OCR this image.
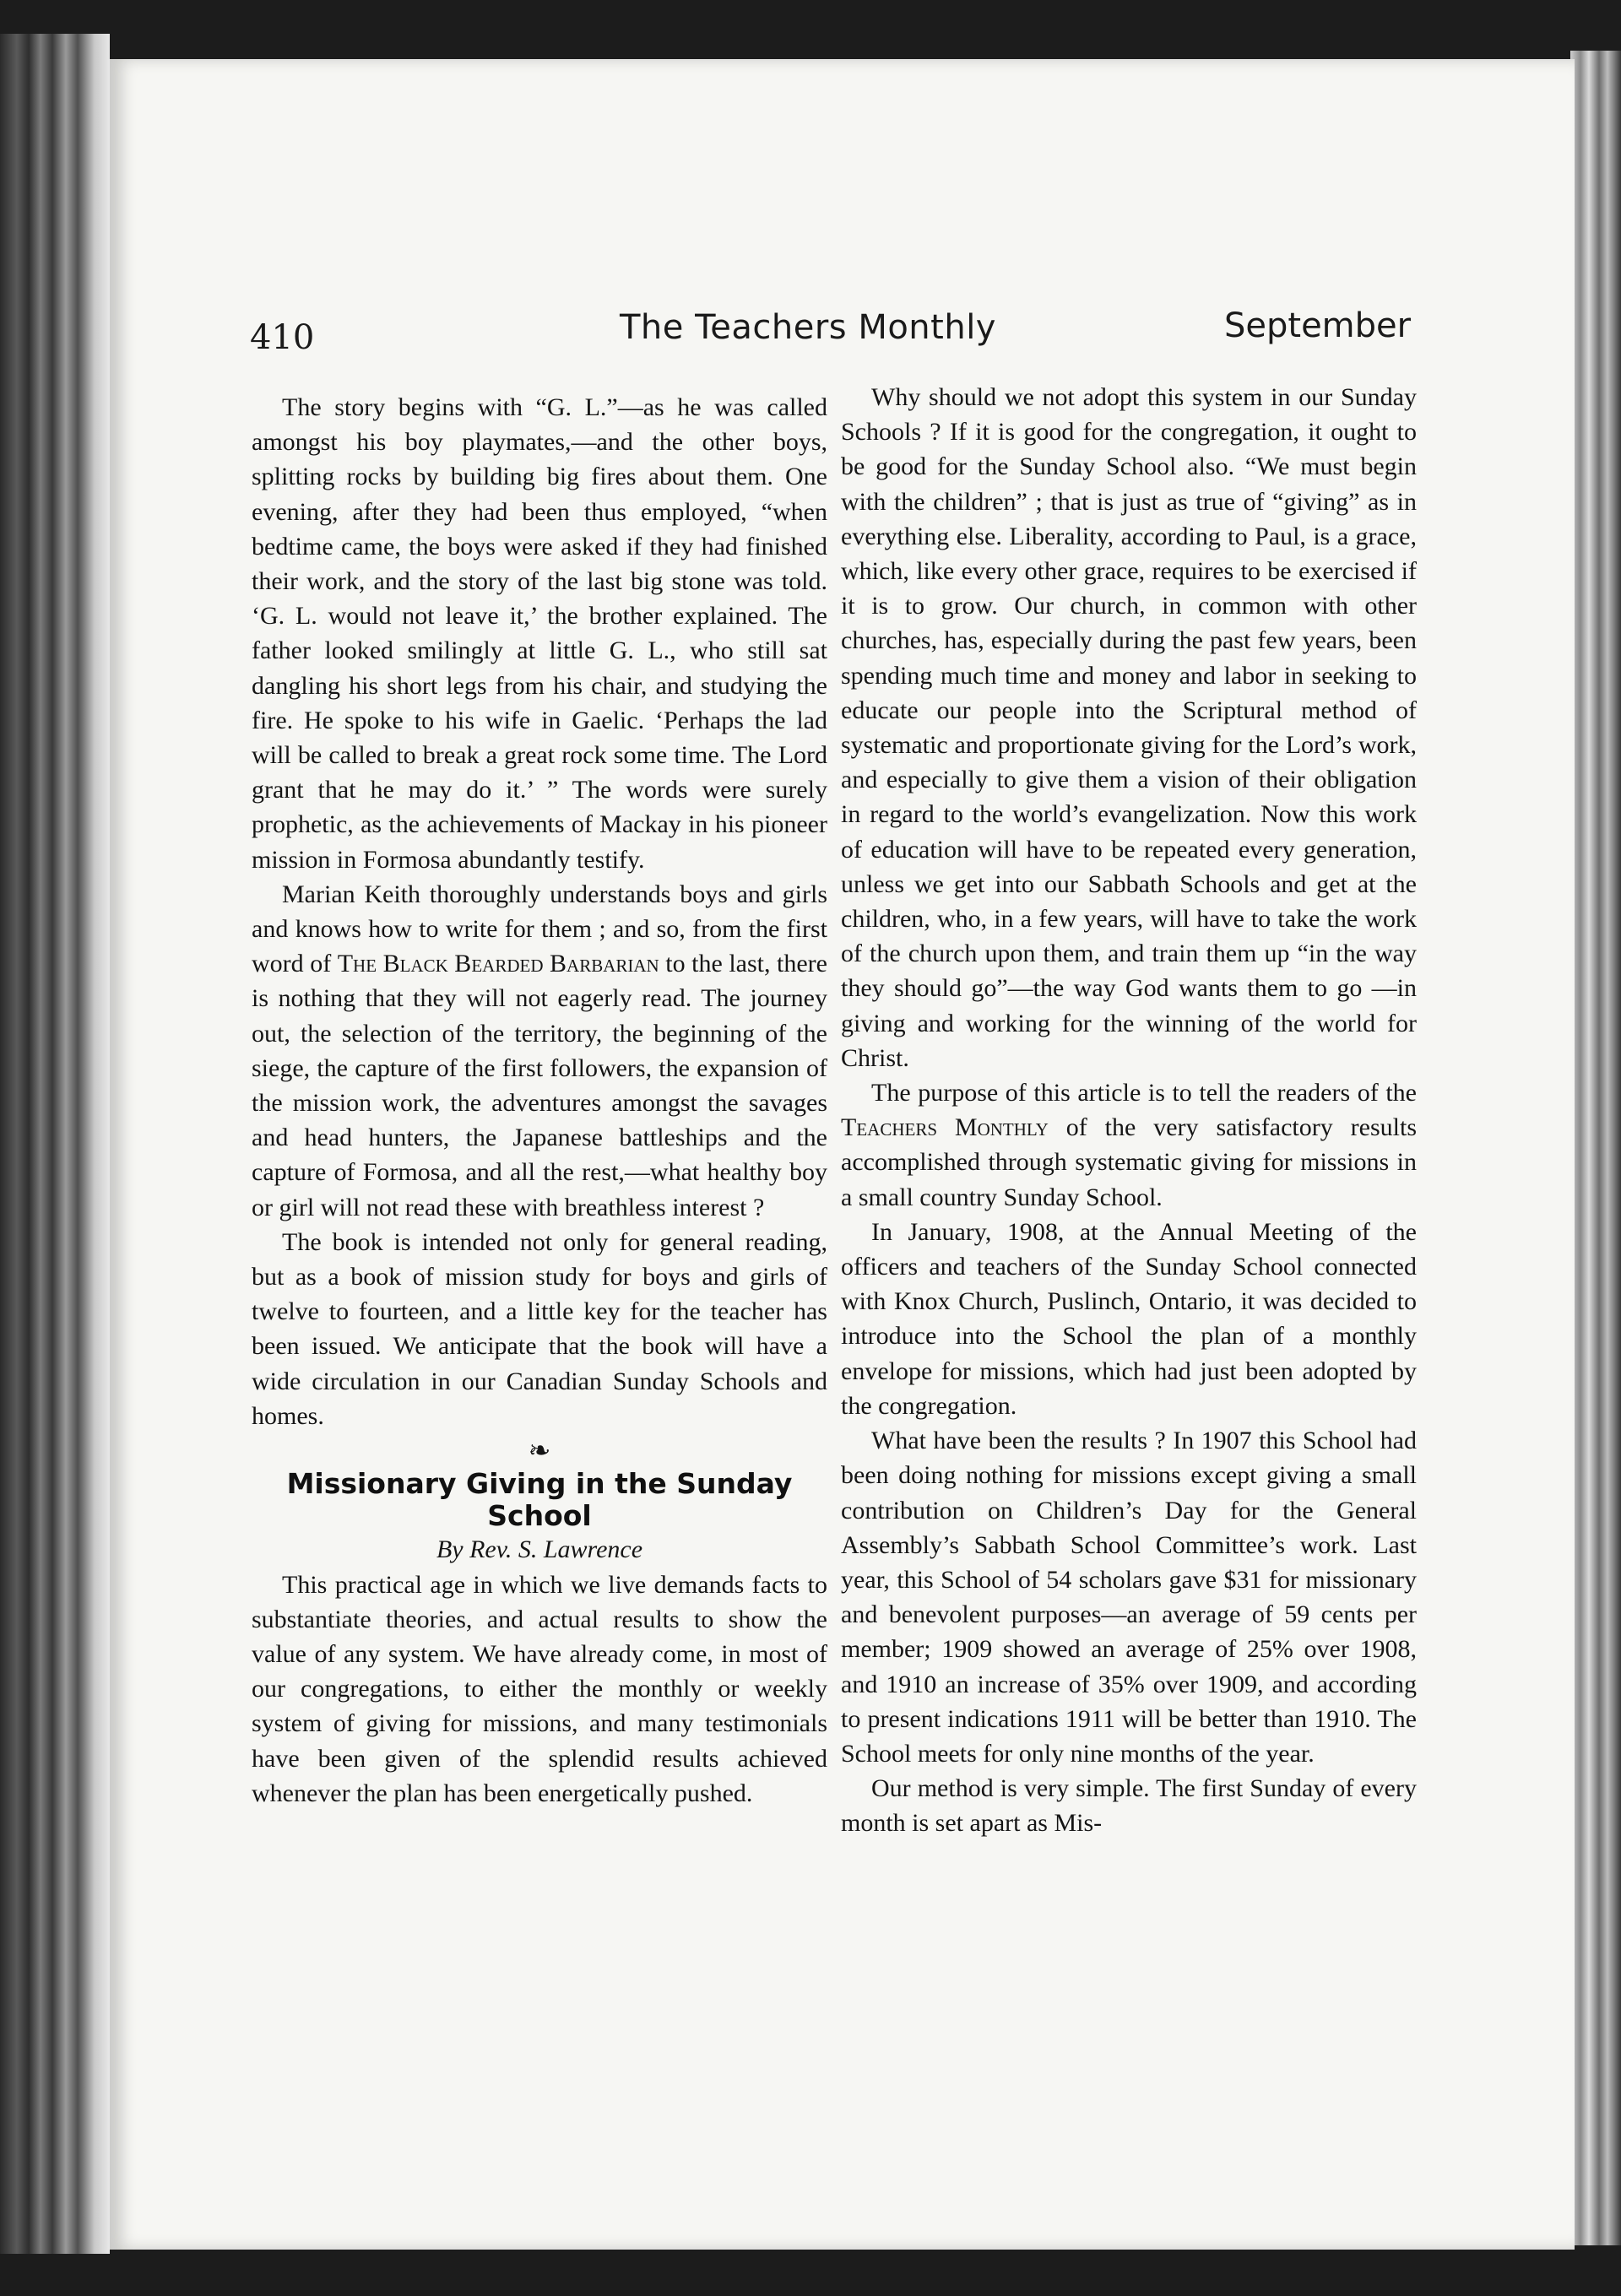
410	The Teachers Monthly	September

The story begins with “G. L.”—as he was called amongst his boy playmates,—and the other boys, splitting rocks by building big fires about them. One evening, after they had been thus employed, “when bedtime came, the boys were asked if they had finished their work, and the story of the last big stone was told. ‘G. L. would not leave it,’ the brother explained. The father looked smilingly at little G. L., who still sat dangling his short legs from his chair, and studying the fire. He spoke to his wife in Gaelic. ‘Perhaps the lad will be called to break a great rock some time. The Lord grant that he may do it.’ ” The words were surely prophetic, as the achievements of Mackay in his pioneer mission in Formosa abundantly testify.

Marian Keith thoroughly understands boys and girls and knows how to write for them ; and so, from the first word of The Black Bearded Barbarian to the last, there is nothing that they will not eagerly read. The journey out, the selection of the territory, the beginning of the siege, the capture of the first followers, the expansion of the mission work, the adventures amongst the savages and head hunters, the Japanese battleships and the capture of Formosa, and all the rest,—what healthy boy or girl will not read these with breathless interest ?

The book is intended not only for general reading, but as a book of mission study for boys and girls of twelve to fourteen, and a little key for the teacher has been issued. We anticipate that the book will have a wide circulation in our Canadian Sunday Schools and homes.

❧

Missionary Giving in the Sunday School

By Rev. S. Lawrence

This practical age in which we live demands facts to substantiate theories, and actual results to show the value of any system. We have already come, in most of our congregations, to either the monthly or weekly system of giving for missions, and many testimonials have been given of the splendid results achieved whenever the plan has been energetically pushed.

Why should we not adopt this system in our Sunday Schools ? If it is good for the congregation, it ought to be good for the Sunday School also. “We must begin with the children” ; that is just as true of “giving” as in everything else. Liberality, according to Paul, is a grace, which, like every other grace, requires to be exercised if it is to grow. Our church, in common with other churches, has, especially during the past few years, been spending much time and money and labor in seeking to educate our people into the Scriptural method of systematic and proportionate giving for the Lord’s work, and especially to give them a vision of their obligation in regard to the world’s evangelization. Now this work of education will have to be repeated every generation, unless we get into our Sabbath Schools and get at the children, who, in a few years, will have to take the work of the church upon them, and train them up “in the way they should go”—the way God wants them to go —in giving and working for the winning of the world for Christ.

The purpose of this article is to tell the readers of the Teachers Monthly of the very satisfactory results accomplished through systematic giving for missions in a small country Sunday School.

In January, 1908, at the Annual Meeting of the officers and teachers of the Sunday School connected with Knox Church, Puslinch, Ontario, it was decided to introduce into the School the plan of a monthly envelope for missions, which had just been adopted by the congregation.

What have been the results ? In 1907 this School had been doing nothing for missions except giving a small contribution on Children’s Day for the General Assembly’s Sabbath School Committee’s work. Last year, this School of 54 scholars gave $31 for missionary and benevolent purposes—an average of 59 cents per member; 1909 showed an average of 25% over 1908, and 1910 an increase of 35% over 1909, and according to present indications 1911 will be better than 1910. The School meets for only nine months of the year.

Our method is very simple. The first Sunday of every month is set apart as Mis-
